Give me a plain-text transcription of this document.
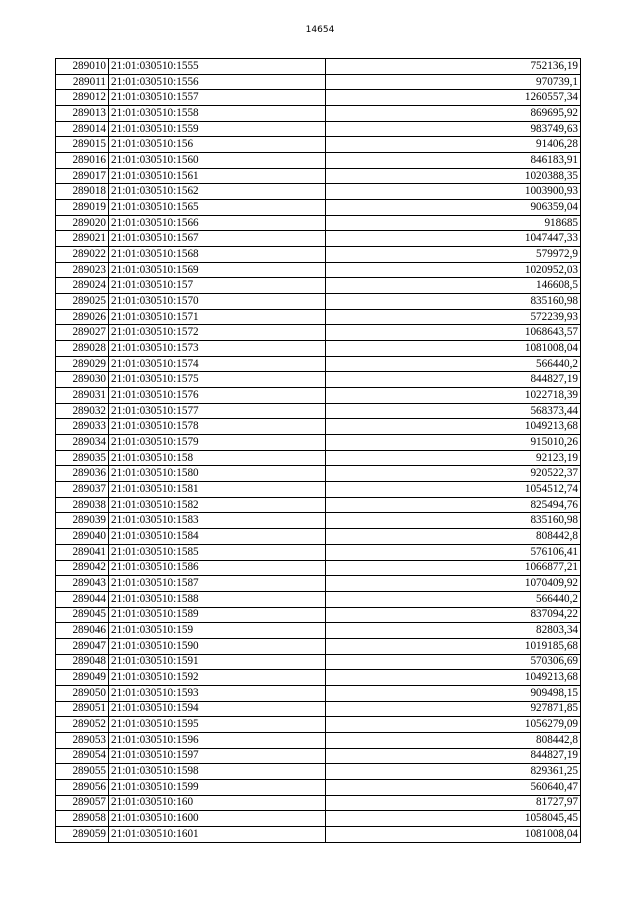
14654
289010	21:01:030510:1555	752136,19
289011	21:01:030510:1556	970739,1
289012	21:01:030510:1557	1260557,34
289013	21:01:030510:1558	869695,92
289014	21:01:030510:1559	983749,63
289015	21:01:030510:156	91406,28
289016	21:01:030510:1560	846183,91
289017	21:01:030510:1561	1020388,35
289018	21:01:030510:1562	1003900,93
289019	21:01:030510:1565	906359,04
289020	21:01:030510:1566	918685
289021	21:01:030510:1567	1047447,33
289022	21:01:030510:1568	579972,9
289023	21:01:030510:1569	1020952,03
289024	21:01:030510:157	146608,5
289025	21:01:030510:1570	835160,98
289026	21:01:030510:1571	572239,93
289027	21:01:030510:1572	1068643,57
289028	21:01:030510:1573	1081008,04
289029	21:01:030510:1574	566440,2
289030	21:01:030510:1575	844827,19
289031	21:01:030510:1576	1022718,39
289032	21:01:030510:1577	568373,44
289033	21:01:030510:1578	1049213,68
289034	21:01:030510:1579	915010,26
289035	21:01:030510:158	92123,19
289036	21:01:030510:1580	920522,37
289037	21:01:030510:1581	1054512,74
289038	21:01:030510:1582	825494,76
289039	21:01:030510:1583	835160,98
289040	21:01:030510:1584	808442,8
289041	21:01:030510:1585	576106,41
289042	21:01:030510:1586	1066877,21
289043	21:01:030510:1587	1070409,92
289044	21:01:030510:1588	566440,2
289045	21:01:030510:1589	837094,22
289046	21:01:030510:159	82803,34
289047	21:01:030510:1590	1019185,68
289048	21:01:030510:1591	570306,69
289049	21:01:030510:1592	1049213,68
289050	21:01:030510:1593	909498,15
289051	21:01:030510:1594	927871,85
289052	21:01:030510:1595	1056279,09
289053	21:01:030510:1596	808442,8
289054	21:01:030510:1597	844827,19
289055	21:01:030510:1598	829361,25
289056	21:01:030510:1599	560640,47
289057	21:01:030510:160	81727,97
289058	21:01:030510:1600	1058045,45
289059	21:01:030510:1601	1081008,04
